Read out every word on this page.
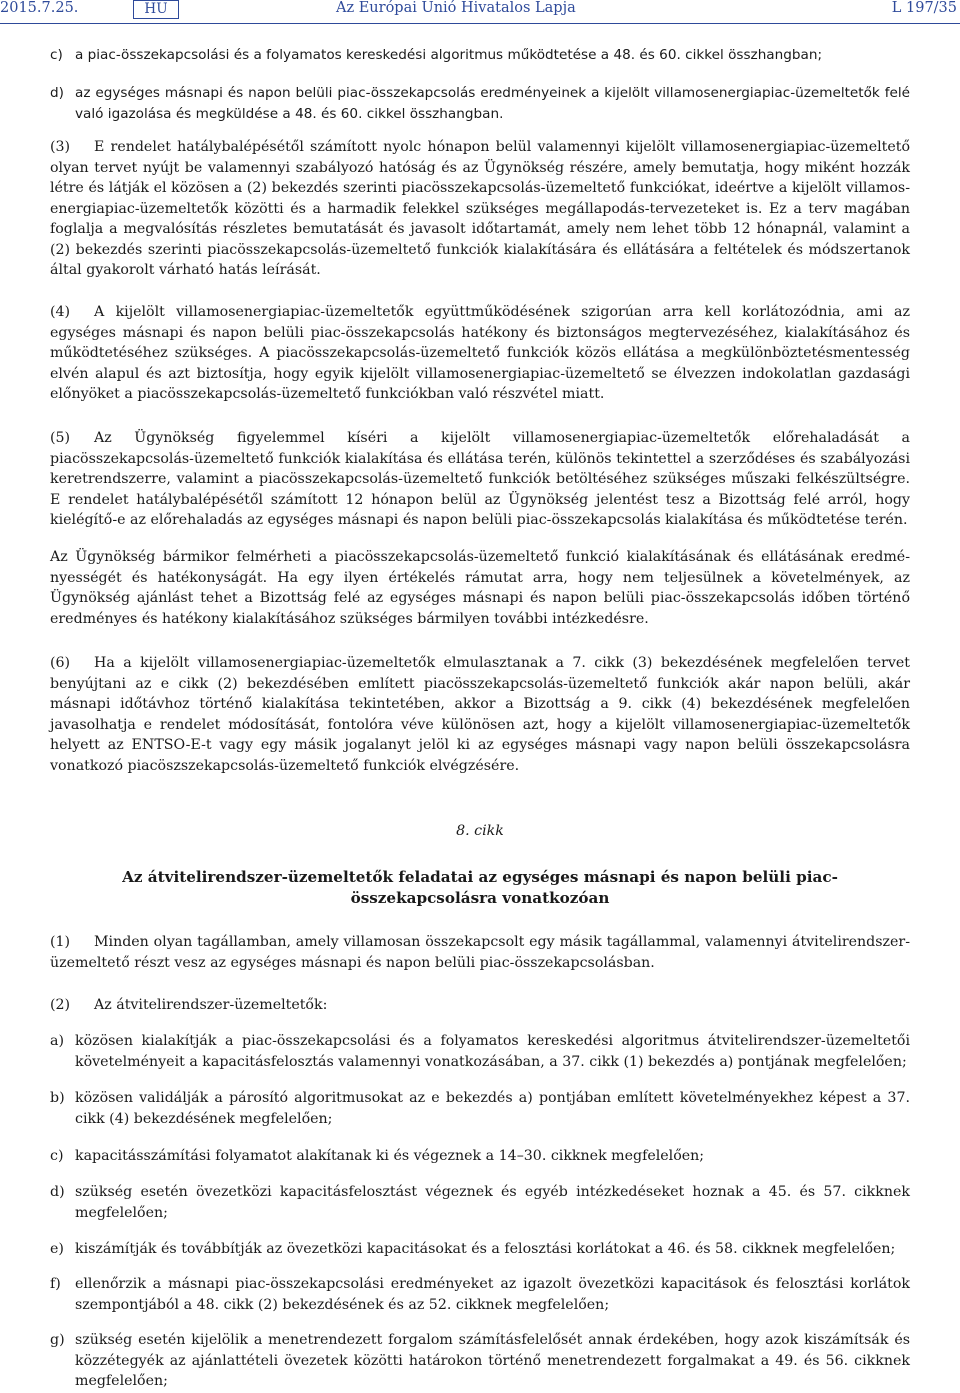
2015.7.25.	HU	Az Európai Unió Hivatalos Lapja	L 197/35
c) a piac-összekapcsolási és a folyamatos kereskedési algoritmus működtetése a 48. és 60. cikkel összhangban;
d) az egységes másnapi és napon belüli piac-összekapcsolás eredményeinek a kijelölt villamosenergiapiac-üzemeltetők felé való igazolása és megküldése a 48. és 60. cikkel összhangban.
(3) E rendelet hatálybalépésétől számított nyolc hónapon belül valamennyi kijelölt villamosenergiapiac-üzemeltető olyan tervet nyújt be valamennyi szabályozó hatóság és az Ügynökség részére, amely bemutatja, hogy miként hozzák létre és látják el közösen a (2) bekezdés szerinti piacösszekapcsolás-üzemeltető funkciókat, ideértve a kijelölt villamosenergiapiac-üzemeltetők közötti és a harmadik felekkel szükséges megállapodás-tervezeteket is. Ez a terv magában foglalja a megvalósítás részletes bemutatását és javasolt időtartamát, amely nem lehet több 12 hónapnál, valamint a (2) bekezdés szerinti piacösszekapcsolás-üzemeltető funkciók kialakítására és ellátására a feltételek és módszertanok által gyakorolt várható hatás leírását.
(4) A kijelölt villamosenergiapiac-üzemeltetők együttműködésének szigorúan arra kell korlátozódnia, ami az egységes másnapi és napon belüli piac-összekapcsolás hatékony és biztonságos megtervezéséhez, kialakításához és működtetéséhez szükséges. A piacösszekapcsolás-üzemeltető funkciók közös ellátása a megkülönböztetésmentesség elvén alapul és azt biztosítja, hogy egyik kijelölt villamosenergiapiac-üzemeltető se élvezzen indokolatlan gazdasági előnyöket a piacösszekapcsolás-üzemeltető funkciókban való részvétel miatt.
(5) Az Ügynökség figyelemmel kíséri a kijelölt villamosenergiapiac-üzemeltetők előrehaladását a piacösszekapcsolás-üzemeltető funkciók kialakítása és ellátása terén, különös tekintettel a szerződéses és szabályozási keretrendszerre, valamint a piacösszekapcsolás-üzemeltető funkciók betöltéséhez szükséges műszaki felkészültségre. E rendelet hatálybalépésétől számított 12 hónapon belül az Ügynökség jelentést tesz a Bizottság felé arról, hogy kielégítő-e az előrehaladás az egységes másnapi és napon belüli piac-összekapcsolás kialakítása és működtetése terén.
Az Ügynökség bármikor felmérheti a piacösszekapcsolás-üzemeltető funkció kialakításának és ellátásának eredményességét és hatékonyságát. Ha egy ilyen értékelés rámutat arra, hogy nem teljesülnek a követelmények, az Ügynökség ajánlást tehet a Bizottság felé az egységes másnapi és napon belüli piac-összekapcsolás időben történő eredményes és hatékony kialakításához szükséges bármilyen további intézkedésre.
(6) Ha a kijelölt villamosenergiapiac-üzemeltetők elmulasztanak a 7. cikk (3) bekezdésének megfelelően tervet benyújtani az e cikk (2) bekezdésében említett piacösszekapcsolás-üzemeltető funkciók akár napon belüli, akár másnapi időtávhoz történő kialakítása tekintetében, akkor a Bizottság a 9. cikk (4) bekezdésének megfelelően javasolhatja e rendelet módosítását, fontolóra véve különösen azt, hogy a kijelölt villamosenergiapiac-üzemeltetők helyett az ENTSO-E-t vagy egy másik jogalanyt jelöl ki az egységes másnapi vagy napon belüli összekapcsolásra vonatkozó piacöszszekapcsolás-üzemeltető funkciók elvégzésére.
8. cikk
Az átvitelirendszer-üzemeltetők feladatai az egységes másnapi és napon belüli piac-összekapcsolásra vonatkozóan
(1) Minden olyan tagállamban, amely villamosan összekapcsolt egy másik tagállammal, valamennyi átvitelirendszer-üzemeltető részt vesz az egységes másnapi és napon belüli piac-összekapcsolásban.
(2) Az átvitelirendszer-üzemeltetők:
a) közösen kialakítják a piac-összekapcsolási és a folyamatos kereskedési algoritmus átvitelirendszer-üzemeltetői követelményeit a kapacitásfelosztás valamennyi vonatkozásában, a 37. cikk (1) bekezdés a) pontjának megfelelően;
b) közösen validálják a párosító algoritmusokat az e bekezdés a) pontjában említett követelményekhez képest a 37. cikk (4) bekezdésének megfelelően;
c) kapacitásszámítási folyamatot alakítanak ki és végeznek a 14–30. cikknek megfelelően;
d) szükség esetén övezetközi kapacitásfelosztást végeznek és egyéb intézkedéseket hoznak a 45. és 57. cikknek megfelelően;
e) kiszámítják és továbbítják az övezetközi kapacitásokat és a felosztási korlátokat a 46. és 58. cikknek megfelelően;
f)	ellenőrzik a másnapi piac-összekapcsolási eredményeket az igazolt övezetközi kapacitások és felosztási korlátok szempontjából a 48. cikk (2) bekezdésének és az 52. cikknek megfelelően;
g) szükség esetén kijelölik a menetrendezett forgalom számításfelelősét annak érdekében, hogy azok kiszámítsák és közzétegyék az ajánlattételi övezetek közötti határokon történő menetrendezett forgalmakat a 49. és 56. cikknek megfelelően;
